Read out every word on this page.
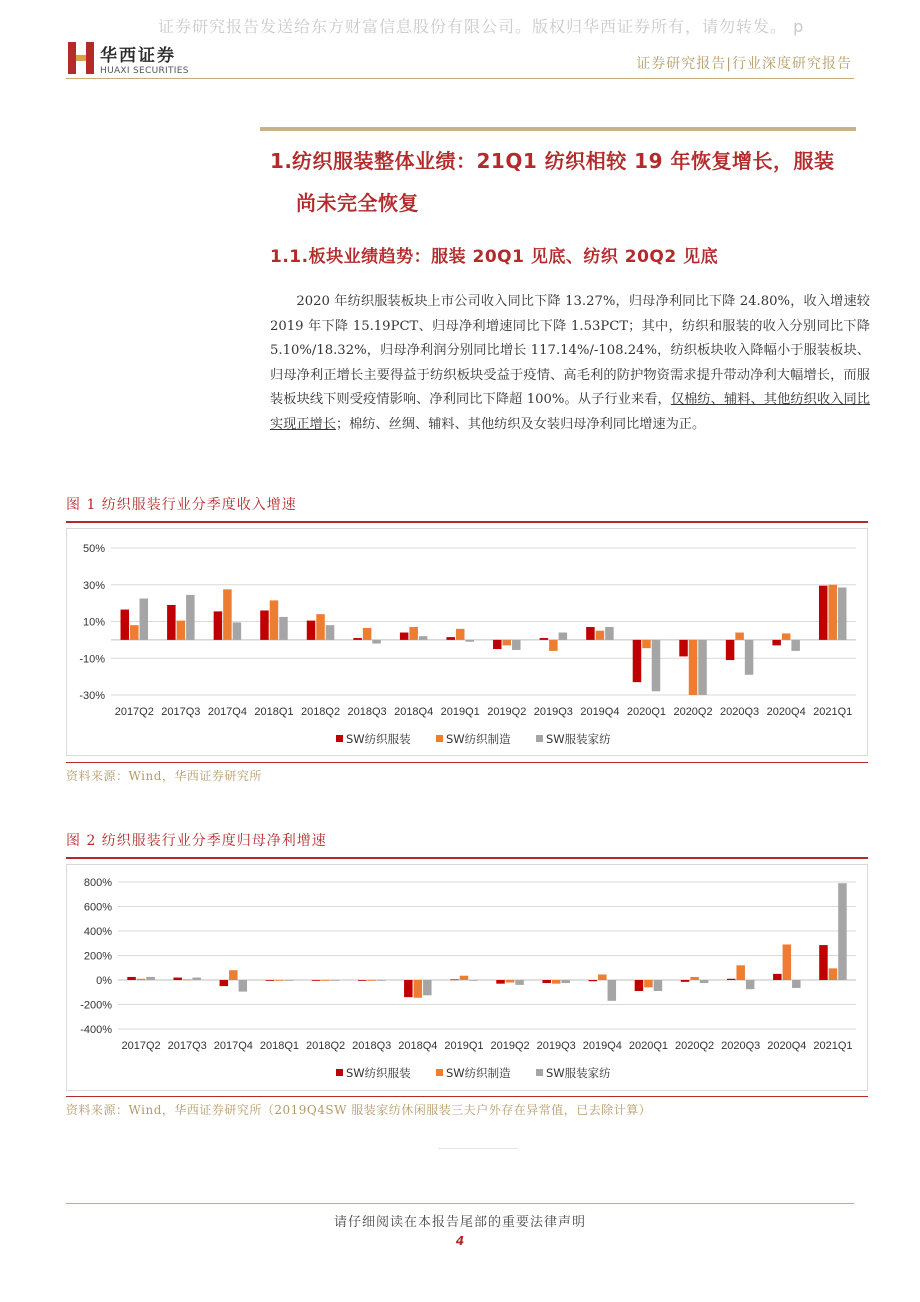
证券研究报告发送给东方财富信息股份有限公司。版权归华西证券所有，请勿转发。 p
华西证券
HUAXI SECURITIES	证券研究报告|行业深度研究报告
1.纺织服装整体业绩：21Q1 纺织相较 19 年恢复增长，服装
尚未完全恢复
1.1.板块业绩趋势：服装 20Q1 见底、纺织 20Q2 见底
  2020 年纺织服装板块上市公司收入同比下降 13.27%，归母净利同比下降 24.80%，收入增速较 2019 年下降 15.19PCT、归母净利增速同比下降 1.53PCT；其中，纺织和服装的收入分别同比下降 5.10%/18.32%，归母净利润分别同比增长 117.14%/-108.24%，纺织板块收入降幅小于服装板块、归母净利正增长主要得益于纺织板块受益于疫情、高毛利的防护物资需求提升带动净利大幅增长，而服装板块线下则受疫情影响、净利同比下降超 100%。从子行业来看，仅棉纺、辅料、其他纺织收入同比实现正增长；棉纺、丝绸、辅料、其他纺织及女装归母净利同比增速为正。
图 1 纺织服装行业分季度收入增速
50%
30%
10%
-10%
-30%
2017Q2 2017Q3 2017Q4 2018Q1 2018Q2 2018Q3 2018Q4 2019Q1 2019Q2 2019Q3 2019Q4 2020Q1 2020Q2 2020Q3 2020Q4 2021Q1
SW纺织服装	SW纺织制造	SW服装家纺
资料来源：Wind，华西证券研究所
图 2 纺织服装行业分季度归母净利增速
800%
600%
400%
200%
0%
-200%
-400%
2017Q2 2017Q3 2017Q4 2018Q1 2018Q2 2018Q3 2018Q4 2019Q1 2019Q2 2019Q3 2019Q4 2020Q1 2020Q2 2020Q3 2020Q4 2021Q1
SW纺织服装	SW纺织制造	SW服装家纺
资料来源：Wind，华西证券研究所（2019Q4SW 服装家纺休闲服装三夫户外存在异常值，已去除计算）
请仔细阅读在本报告尾部的重要法律声明
4
